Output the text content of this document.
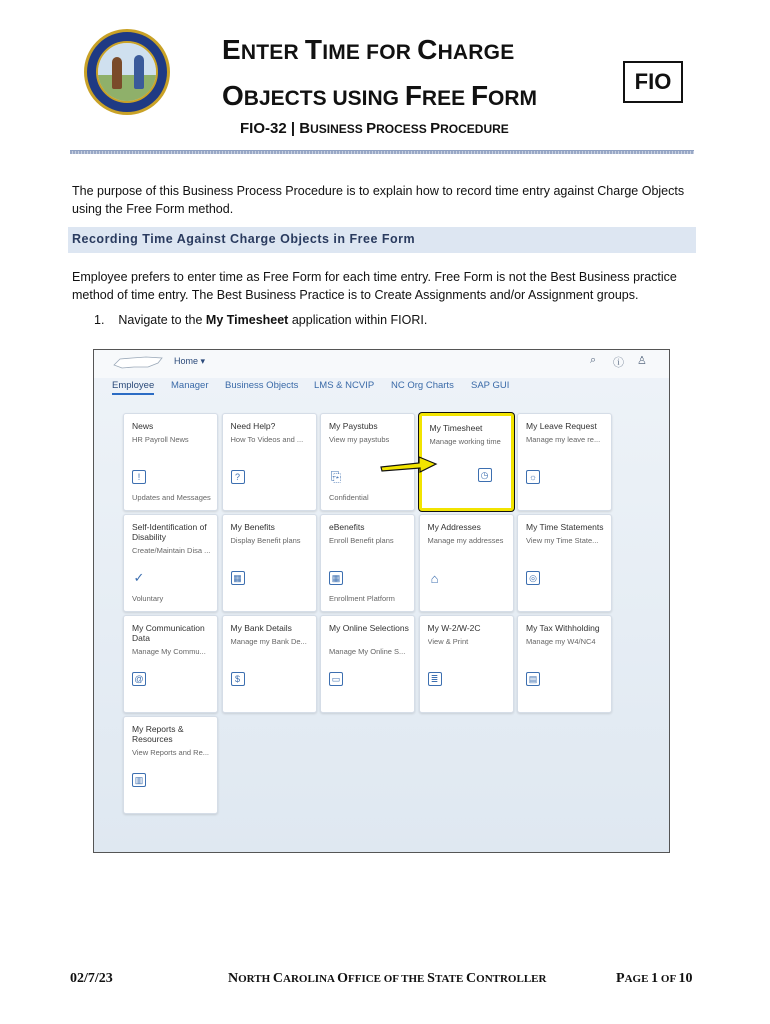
ENTER TIME FOR CHARGE
OBJECTS USING FREE FORM
FIO
FIO-32 | BUSINESS PROCESS PROCEDURE
The purpose of this Business Process Procedure is to explain how to record time entry against Charge Objects using the Free Form method.
Recording Time Against Charge Objects in Free Form
Employee prefers to enter time as Free Form for each time entry. Free Form is not the Best Business practice method of time entry. The Best Business Practice is to Create Assignments and/or Assignment groups.
1. Navigate to the My Timesheet application within FIORI.
Home ▾	⌕ ⓘ ♙
Employee Manager Business Objects LMS & NCVIP NC Org Charts SAP GUI
News
HR Payroll News
!
Updates and Messages
Need Help?
How To Videos and ...
?
My Paystubs
View my paystubs
⎘
Confidential
My Timesheet
Manage working time
◷
My Leave Request
Manage my leave re...
☼
Self-Identification of Disability
Create/Maintain Disa ...
✓
Voluntary
My Benefits
Display Benefit plans
▦
eBenefits
Enroll Benefit plans
▦
Enrollment Platform
My Addresses
Manage my addresses
⌂
My Time Statements
View my Time State...
◎
My Communication Data
Manage My Commu...
@
My Bank Details
Manage my Bank De...
$
My Online Selections
Manage My Online S...
▭
My W-2/W-2C
View & Print
≣
My Tax Withholding
Manage my W4/NC4
▤
My Reports & Resources
View Reports and Re...
▥
02/7/23	NORTH CAROLINA OFFICE OF THE STATE CONTROLLER	PAGE 1 OF 10
